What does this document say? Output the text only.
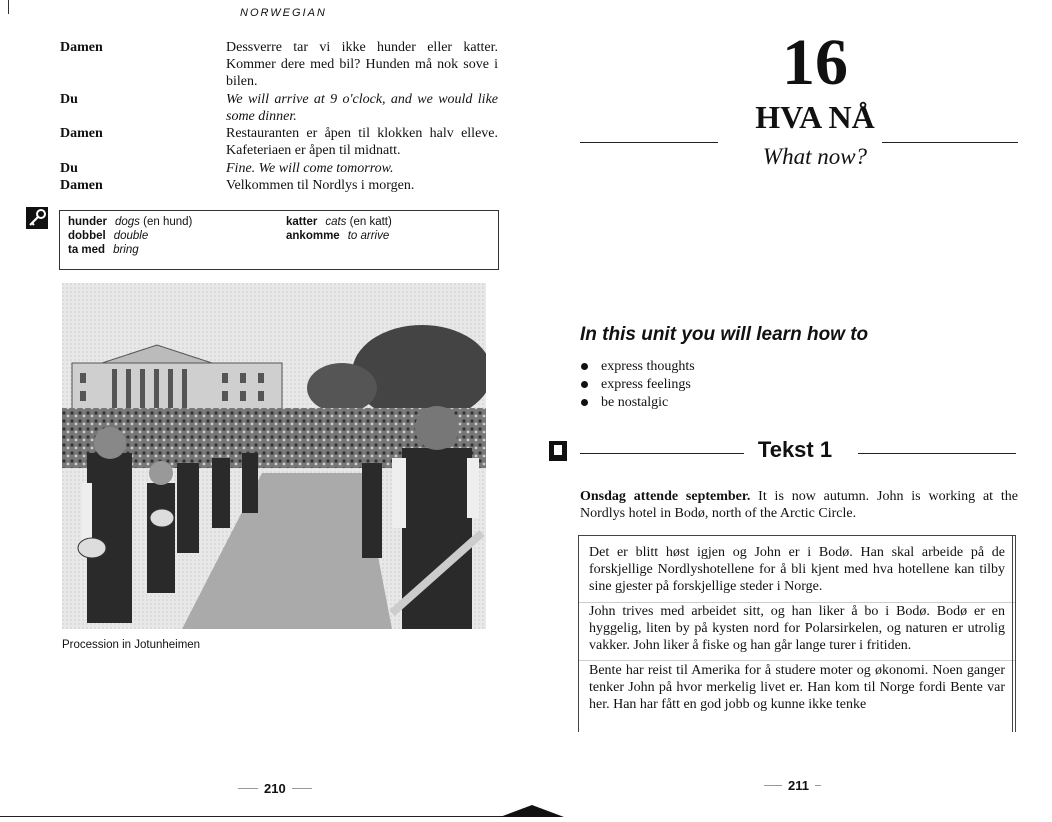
NORWEGIAN
Damen	Dessverre tar vi ikke hunder eller katter. Kommer dere med bil? Hunden må nok sove i bilen.
Du	We will arrive at 9 o'clock, and we would like some dinner.
Damen	Restauranten er åpen til klokken halv elleve. Kafeteriaen er åpen til midnatt.
Du	Fine. We will come tomorrow.
Damen	Velkommen til Nordlys i morgen.
hunder dogs (en hund)
dobbel double
ta med bring
katter cats (en katt)
ankomme to arrive
Procession in Jotunheimen
210
16
HVA NÅ
What now?
In this unit you will learn how to
express thoughts
express feelings
be nostalgic
Tekst 1
Onsdag attende september. It is now autumn. John is working at the Nordlys hotel in Bodø, north of the Arctic Circle.

Det er blitt høst igjen og John er i Bodø. Han skal arbeide på de forskjellige Nordlyshotellene for å bli kjent med hva hotellene kan tilby sine gjester på forskjellige steder i Norge.

John trives med arbeidet sitt, og han liker å bo i Bodø. Bodø er en hyggelig, liten by på kysten nord for Polarsirkelen, og naturen er utrolig vakker. John liker å fiske og han går lange turer i fritiden.

Bente har reist til Amerika for å studere moter og økonomi. Noen ganger tenker John på hvor merkelig livet er. Han kom til Norge fordi Bente var her. Han har fått en god jobb og kunne ikke tenke

211
